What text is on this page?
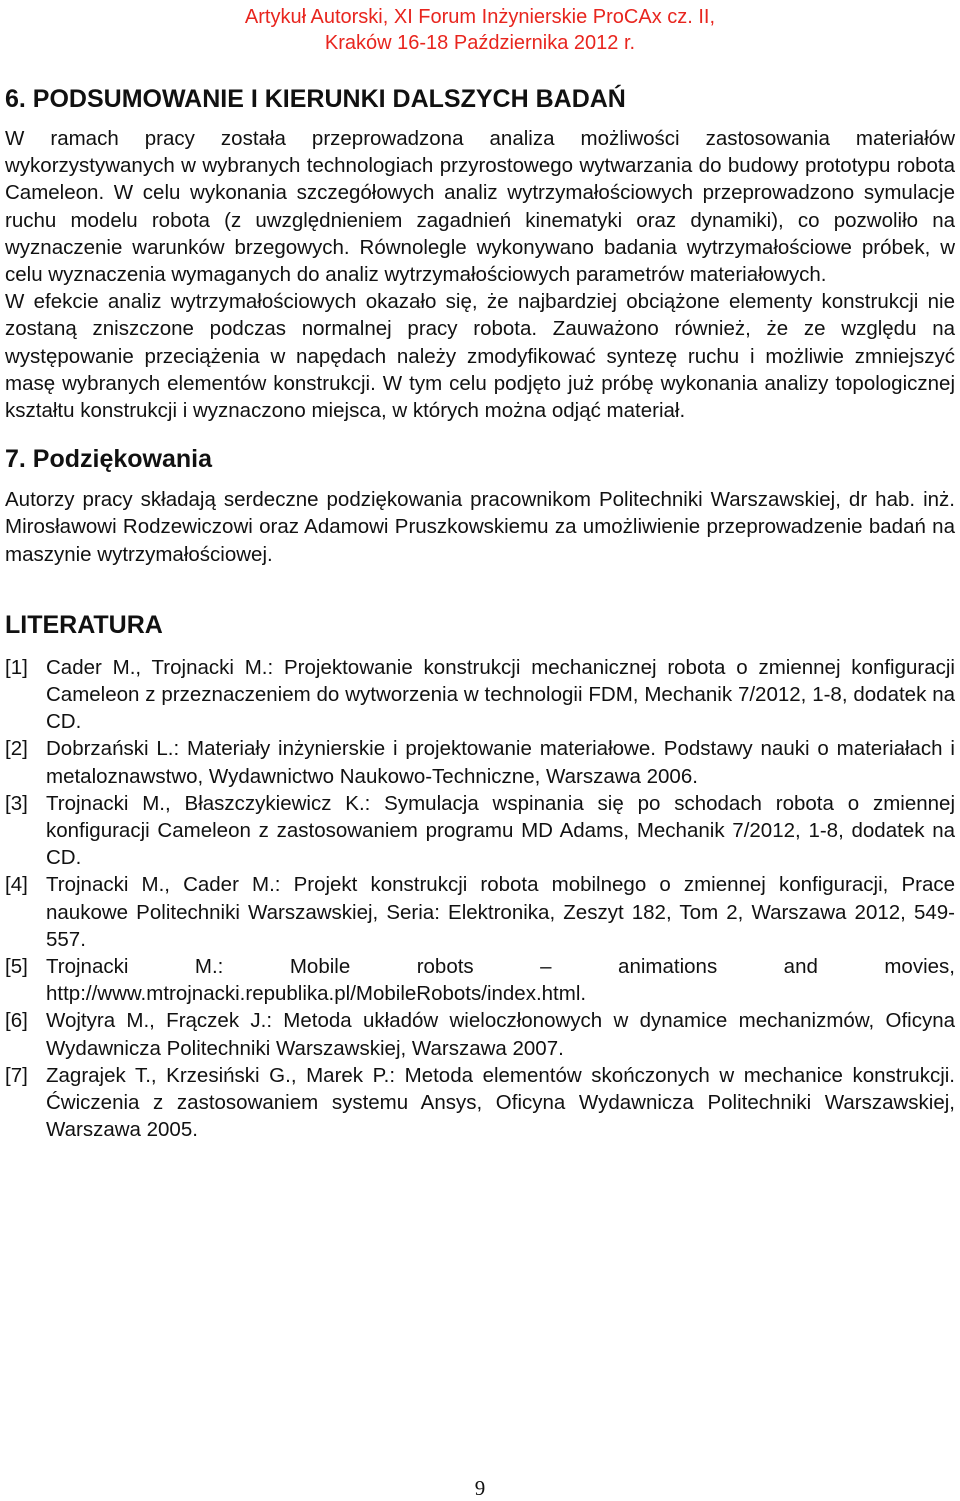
Artykuł Autorski, XI Forum Inżynierskie ProCAx cz. II,
Kraków 16-18 Października 2012 r.
6. PODSUMOWANIE I KIERUNKI DALSZYCH BADAŃ

W ramach pracy została przeprowadzona analiza możliwości zastosowania materiałów wykorzystywanych w wybranych technologiach przyrostowego wytwarzania do budowy prototypu robota Cameleon. W celu wykonania szczegółowych analiz wytrzymałościowych przeprowadzono symulacje ruchu modelu robota (z uwzględnieniem zagadnień kinematyki oraz dynamiki), co pozwoliło na wyznaczenie warunków brzegowych. Równolegle wykonywano badania wytrzymałościowe próbek, w celu wyznaczenia wymaganych do analiz wytrzymałościowych parametrów materiałowych.

W efekcie analiz wytrzymałościowych okazało się, że najbardziej obciążone elementy konstrukcji nie zostaną zniszczone podczas normalnej pracy robota. Zauważono również, że ze względu na występowanie przeciążenia w napędach należy zmodyfikować syntezę ruchu i możliwie zmniejszyć masę wybranych elementów konstrukcji. W tym celu podjęto już próbę wykonania analizy topologicznej kształtu konstrukcji i wyznaczono miejsca, w których można odjąć materiał.

7. Podziękowania

Autorzy pracy składają serdeczne podziękowania pracownikom Politechniki Warszawskiej, dr hab. inż. Mirosławowi Rodzewiczowi oraz Adamowi Pruszkowskiemu za umożliwienie przeprowadzenie badań na maszynie wytrzymałościowej.

LITERATURA
[1] Cader M., Trojnacki M.: Projektowanie konstrukcji mechanicznej robota o zmiennej konfiguracji Cameleon z przeznaczeniem do wytworzenia w technologii FDM, Mechanik 7/2012, 1-8, dodatek na CD.
[2] Dobrzański L.: Materiały inżynierskie i projektowanie materiałowe. Podstawy nauki o materiałach i metaloznawstwo, Wydawnictwo Naukowo-Techniczne, Warszawa 2006.
[3] Trojnacki M., Błaszczykiewicz K.: Symulacja wspinania się po schodach robota o zmiennej konfiguracji Cameleon z zastosowaniem programu MD Adams, Mechanik 7/2012, 1-8, dodatek na CD.
[4] Trojnacki M., Cader M.: Projekt konstrukcji robota mobilnego o zmiennej konfiguracji, Prace naukowe Politechniki Warszawskiej, Seria: Elektronika, Zeszyt 182, Tom 2, Warszawa 2012, 549-557.
[5] Trojnacki M.: Mobile robots – animations and movies, http://www.mtrojnacki.republika.pl/MobileRobots/index.html.
[6] Wojtyra M., Frączek J.: Metoda układów wieloczłonowych w dynamice mechanizmów, Oficyna Wydawnicza Politechniki Warszawskiej, Warszawa 2007.
[7] Zagrajek T., Krzesiński G., Marek P.: Metoda elementów skończonych w mechanice konstrukcji. Ćwiczenia z zastosowaniem systemu Ansys, Oficyna Wydawnicza Politechniki Warszawskiej, Warszawa 2005.
9
